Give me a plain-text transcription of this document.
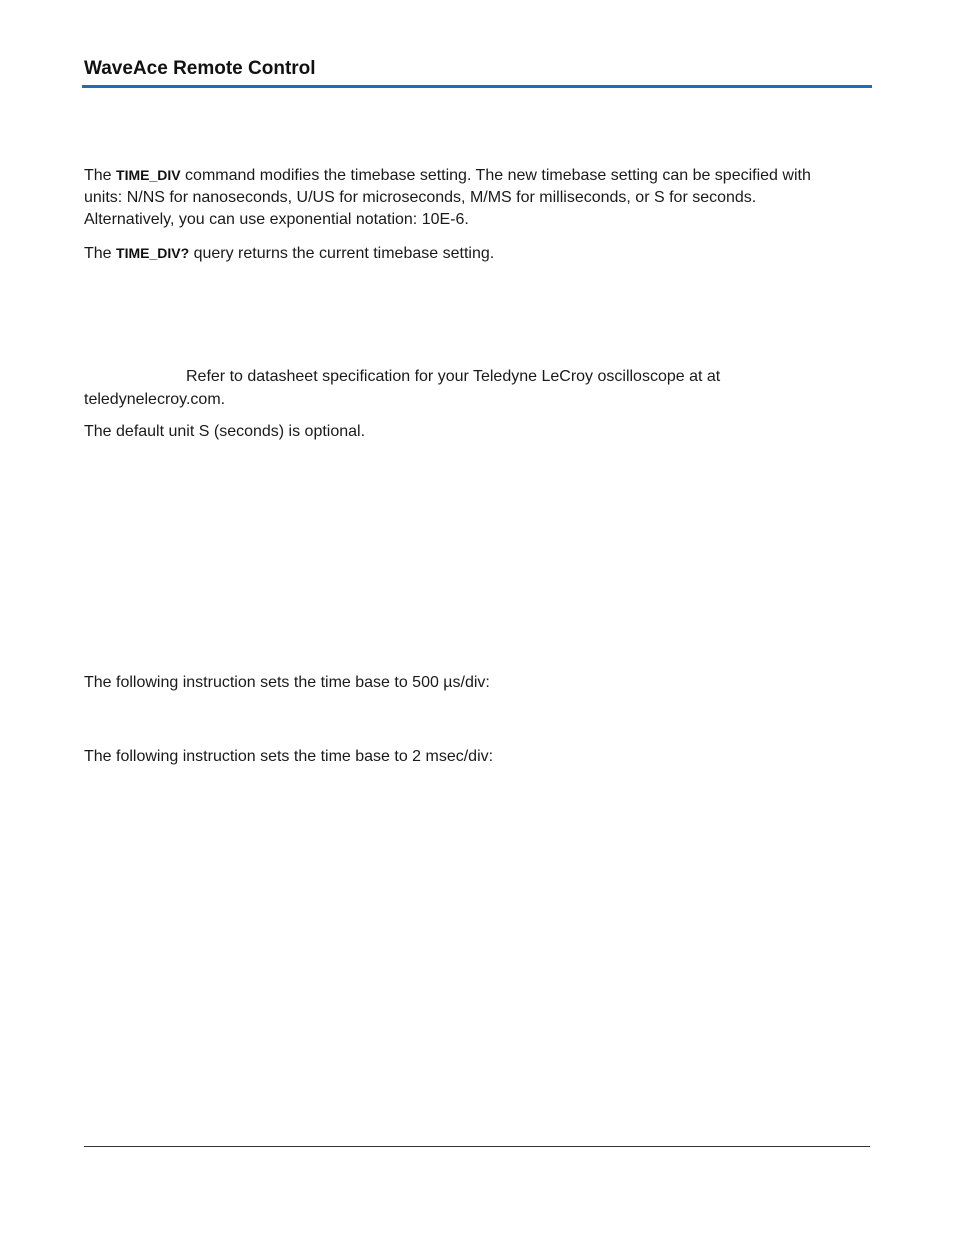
WaveAce Remote Control
The TIME_DIV command modifies the timebase setting. The new timebase setting can be specified with
units: N/NS for nanoseconds, U/US for microseconds, M/MS for milliseconds, or S for seconds.
Alternatively, you can use exponential notation: 10E-6.
The TIME_DIV? query returns the current timebase setting.
Refer to datasheet specification for your Teledyne LeCroy oscilloscope at at
teledynelecroy.com.
The default unit S (seconds) is optional.
The following instruction sets the time base to 500 µs/div:
The following instruction sets the time base to 2 msec/div:
